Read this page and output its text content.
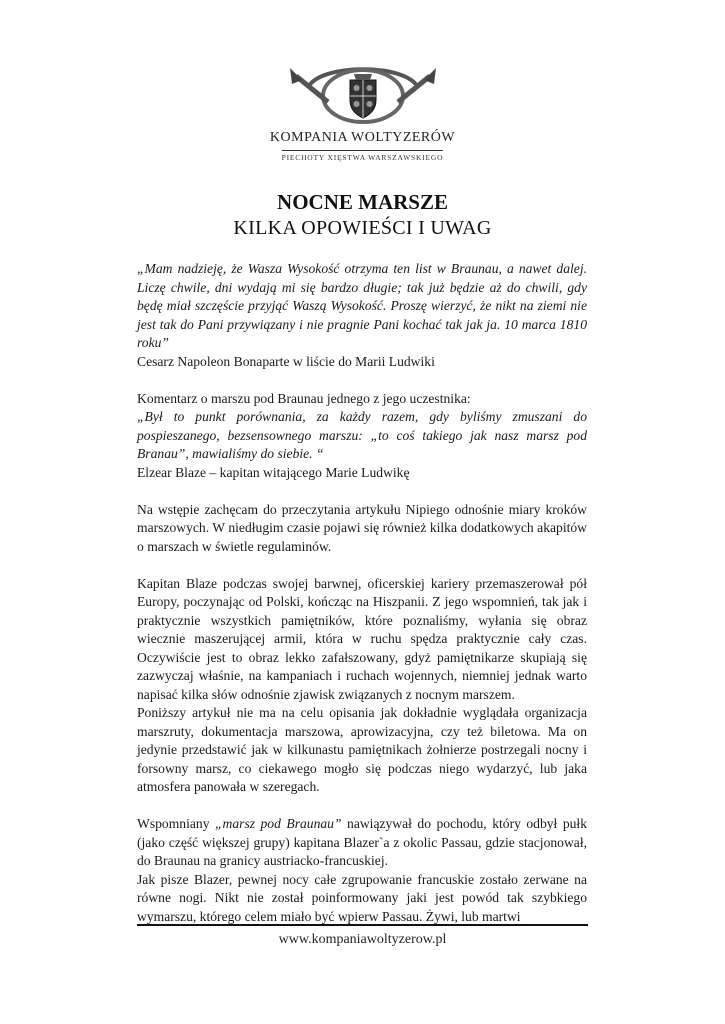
KOMPANIA WOLTYZERÓW
PIECHOTY XIĘSTWA WARSZAWSKIEGO
NOCNE MARSZE
KILKA OPOWIEŚCI I UWAG

„Mam nadzieję, że Wasza Wysokość otrzyma ten list w Braunau, a nawet dalej. Liczę chwile, dni wydają mi się bardzo długie; tak już będzie aż do chwili, gdy będę miał szczęście przyjąć Waszą Wysokość. Proszę wierzyć, że nikt na ziemi nie jest tak do Pani przywiązany i nie pragnie Pani kochać tak jak ja. 10 marca 1810 roku”

Cesarz Napoleon Bonaparte w liście do Marii Ludwiki

Komentarz o marszu pod Braunau jednego z jego uczestnika:

„Był to punkt porównania, za każdy razem, gdy byliśmy zmuszani do pospieszanego, bezsensownego marszu: „to coś takiego jak nasz marsz pod Branau”, mawialiśmy do siebie. “

Elzear Blaze – kapitan witającego Marie Ludwikę

Na wstępie zachęcam do przeczytania artykułu Nipiego odnośnie miary kroków marszowych. W niedługim czasie pojawi się również kilka dodatkowych akapitów o marszach w świetle regulaminów.

Kapitan Blaze podczas swojej barwnej, oficerskiej kariery przemaszerował pół Europy, poczynając od Polski, kończąc na Hiszpanii. Z jego wspomnień, tak jak i praktycznie wszystkich pamiętników, które poznaliśmy, wyłania się obraz wiecznie maszerującej armii, która w ruchu spędza praktycznie cały czas. Oczywiście jest to obraz lekko zafałszowany, gdyż pamiętnikarze skupiają się zazwyczaj właśnie, na kampaniach i ruchach wojennych, niemniej jednak warto napisać kilka słów odnośnie zjawisk związanych z nocnym marszem.

Poniższy artykuł nie ma na celu opisania jak dokładnie wyglądała organizacja marszruty, dokumentacja marszowa, aprowizacyjna, czy też biletowa. Ma on jedynie przedstawić jak w kilkunastu pamiętnikach żołnierze postrzegali nocny i forsowny marsz, co ciekawego mogło się podczas niego wydarzyć, lub jaka atmosfera panowała w szeregach.

Wspomniany „marsz pod Braunau” nawiązywał do pochodu, który odbył pułk (jako część większej grupy) kapitana Blazer`a z okolic Passau, gdzie stacjonował, do Braunau na granicy austriacko-francuskiej.

Jak pisze Blazer, pewnej nocy całe zgrupowanie francuskie zostało zerwane na równe nogi. Nikt nie został poinformowany jaki jest powód tak szybkiego wymarszu, którego celem miało być wpierw Passau. Żywi, lub martwi

www.kompaniawoltyzerow.pl
